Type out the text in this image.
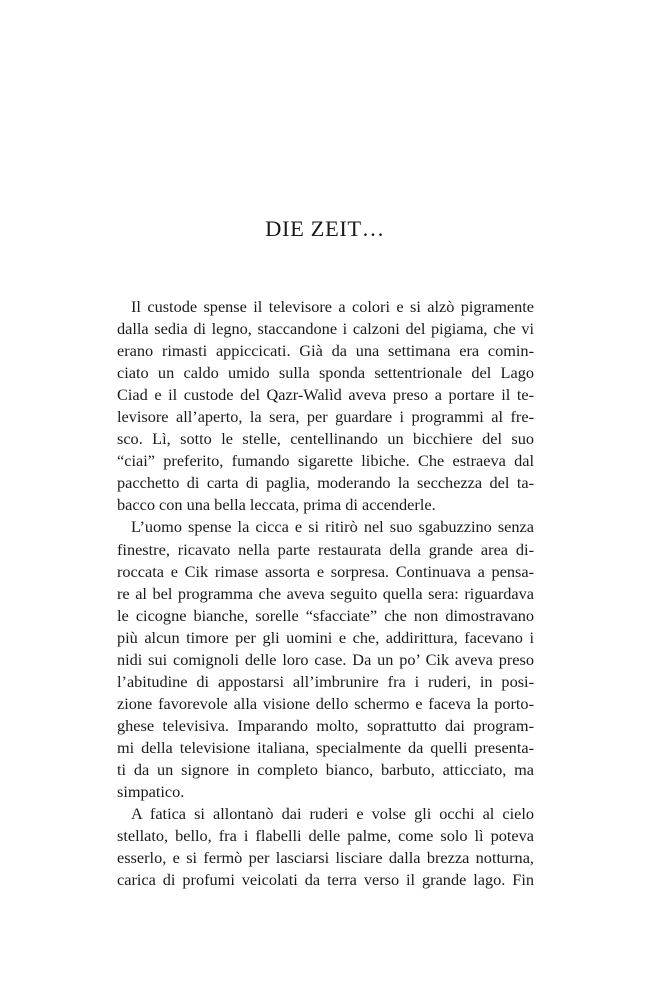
DIE ZEIT…
Il custode spense il televisore a colori e si alzò pigramente
dalla sedia di legno, staccandone i calzoni del pigiama, che vi
erano rimasti appiccicati. Già da una settimana era comin-
ciato un caldo umido sulla sponda settentrionale del Lago
Ciad e il custode del Qazr-Walìd aveva preso a portare il te-
levisore all’aperto, la sera, per guardare i programmi al fre-
sco. Lì, sotto le stelle, centellinando un bicchiere del suo
“ciai” preferito, fumando sigarette libiche. Che estraeva dal
pacchetto di carta di paglia, moderando la secchezza del ta-
bacco con una bella leccata, prima di accenderle.
L’uomo spense la cicca e si ritirò nel suo sgabuzzino senza
finestre, ricavato nella parte restaurata della grande area di-
roccata e Cik rimase assorta e sorpresa. Continuava a pensa-
re al bel programma che aveva seguito quella sera: riguardava
le cicogne bianche, sorelle “sfacciate” che non dimostravano
più alcun timore per gli uomini e che, addirittura, facevano i
nidi sui comignoli delle loro case. Da un po’ Cik aveva preso
l’abitudine di appostarsi all’imbrunire fra i ruderi, in posi-
zione favorevole alla visione dello schermo e faceva la porto-
ghese televisiva. Imparando molto, soprattutto dai program-
mi della televisione italiana, specialmente da quelli presenta-
ti da un signore in completo bianco, barbuto, atticciato, ma
simpatico.
A fatica si allontanò dai ruderi e volse gli occhi al cielo
stellato, bello, fra i flabelli delle palme, come solo lì poteva
esserlo, e si fermò per lasciarsi lisciare dalla brezza notturna,
carica di profumi veicolati da terra verso il grande lago. Fin
